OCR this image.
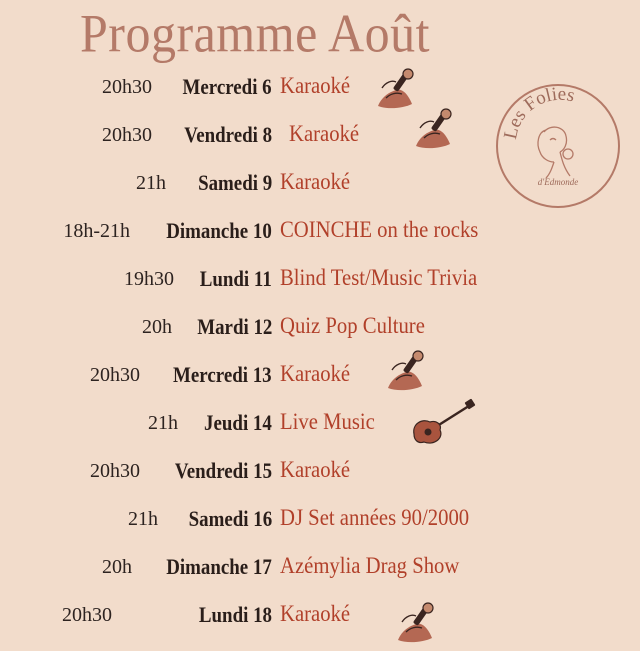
Programme Août
Les Folies
d'Edmonde
20h30 Mercredi 6 Karaoké
20h30 Vendredi 8 Karaoké
21h Samedi 9 Karaoké
18h-21h Dimanche 10 COINCHE on the rocks
19h30 Lundi 11 Blind Test/Music Trivia
20h Mardi 12 Quiz Pop Culture
20h30 Mercredi 13 Karaoké
21h Jeudi 14 Live Music
20h30 Vendredi 15 Karaoké
21h Samedi 16 DJ Set années 90/2000
20h Dimanche 17 Azémylia Drag Show
20h30	Lundi 18 Karaoké
